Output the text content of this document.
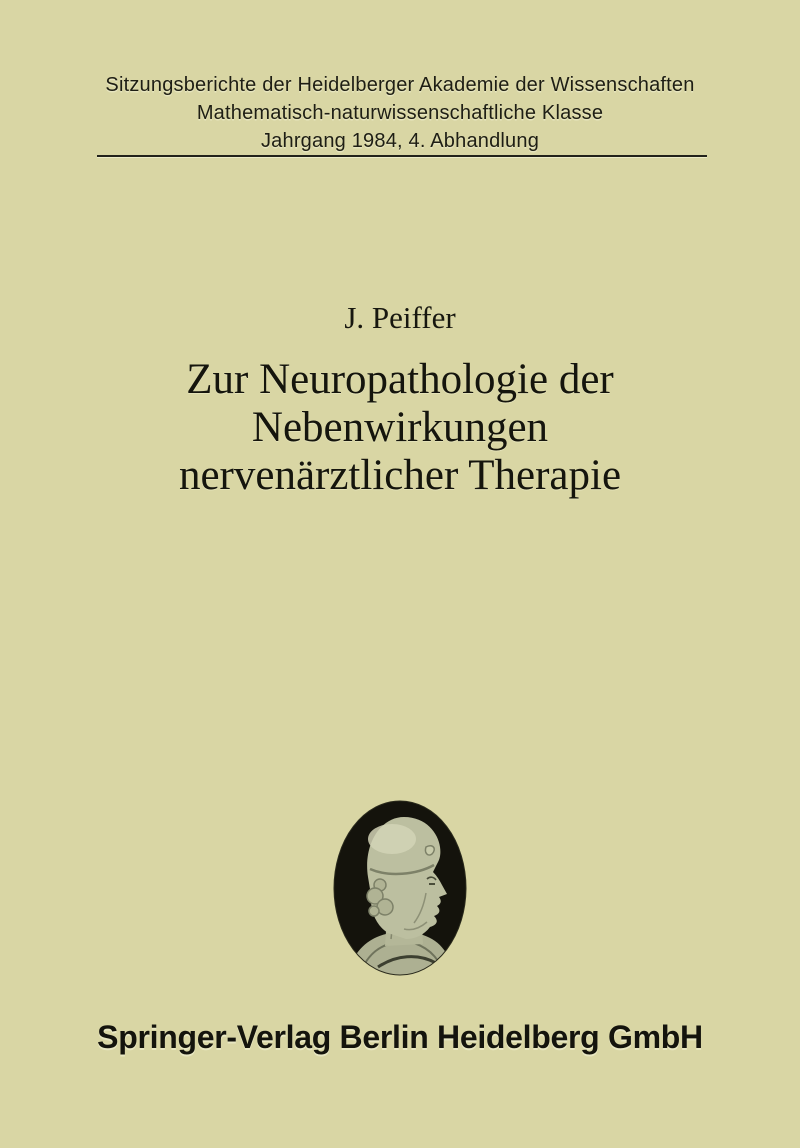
Sitzungsberichte der Heidelberger Akademie der Wissenschaften
Mathematisch-naturwissenschaftliche Klasse
Jahrgang 1984, 4. Abhandlung
J. Peiffer
Zur Neuropathologie der
Nebenwirkungen
nervenärztlicher Therapie
Springer-Verlag Berlin Heidelberg GmbH
